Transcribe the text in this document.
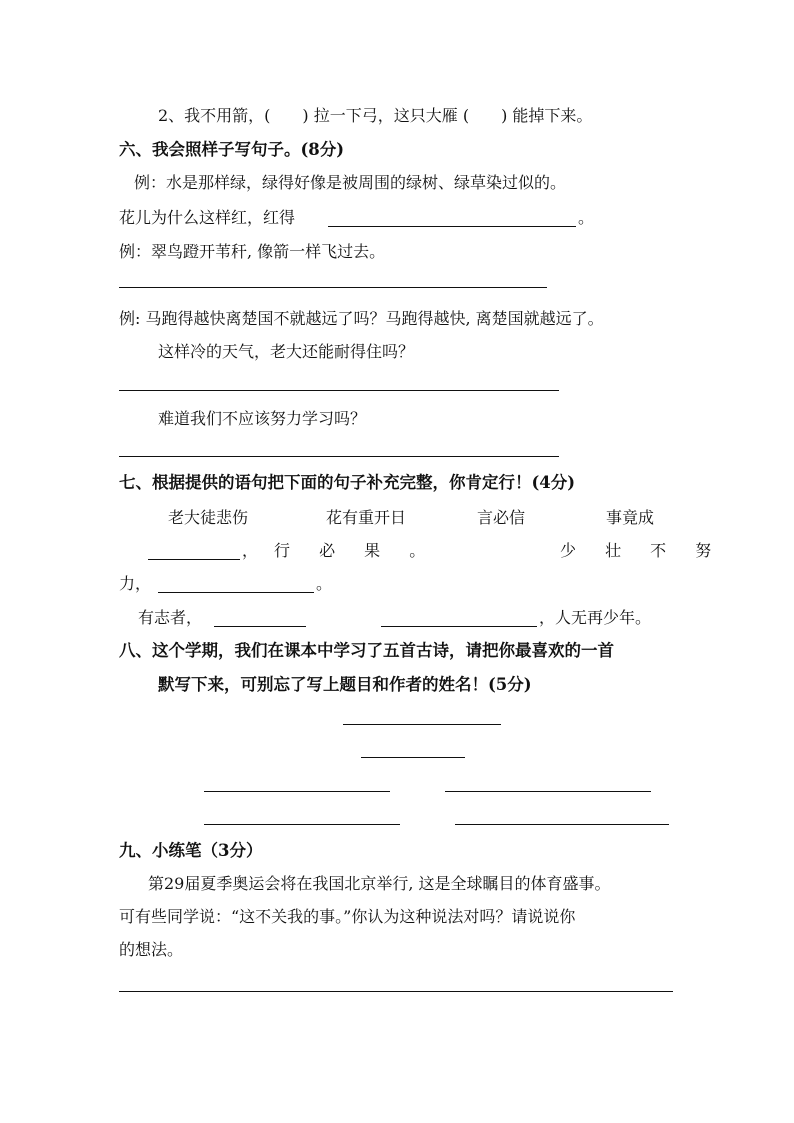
2、我不用箭，(　　) 拉一下弓，这只大雁 (　　) 能掉下来。
六、我会照样子写句子。(8分)
例：水是那样绿，绿得好像是被周围的绿树、绿草染过似的。
花儿为什么这样红，红得	。
例：翠鸟蹬开苇秆, 像箭一样飞过去。
例: 马跑得越快离楚国不就越远了吗？马跑得越快, 离楚国就越远了。
这样冷的天气，老大还能耐得住吗？
难道我们不应该努力学习吗？
七、根据提供的语句把下面的句子补充完整，你肯定行！(4分)
老大徒悲伤	花有重开日	言必信	事竟成
， 行 必 果 。	少 壮 不 努
力，	。
有志者，	，人无再少年。
八、这个学期，我们在课本中学习了五首古诗，请把你最喜欢的一首
默写下来，可别忘了写上题目和作者的姓名！(5分)
九、小练笔（3分）
第29届夏季奥运会将在我国北京举行, 这是全球瞩目的体育盛事。
可有些同学说：“这不关我的事。”你认为这种说法对吗？请说说你
的想法。
